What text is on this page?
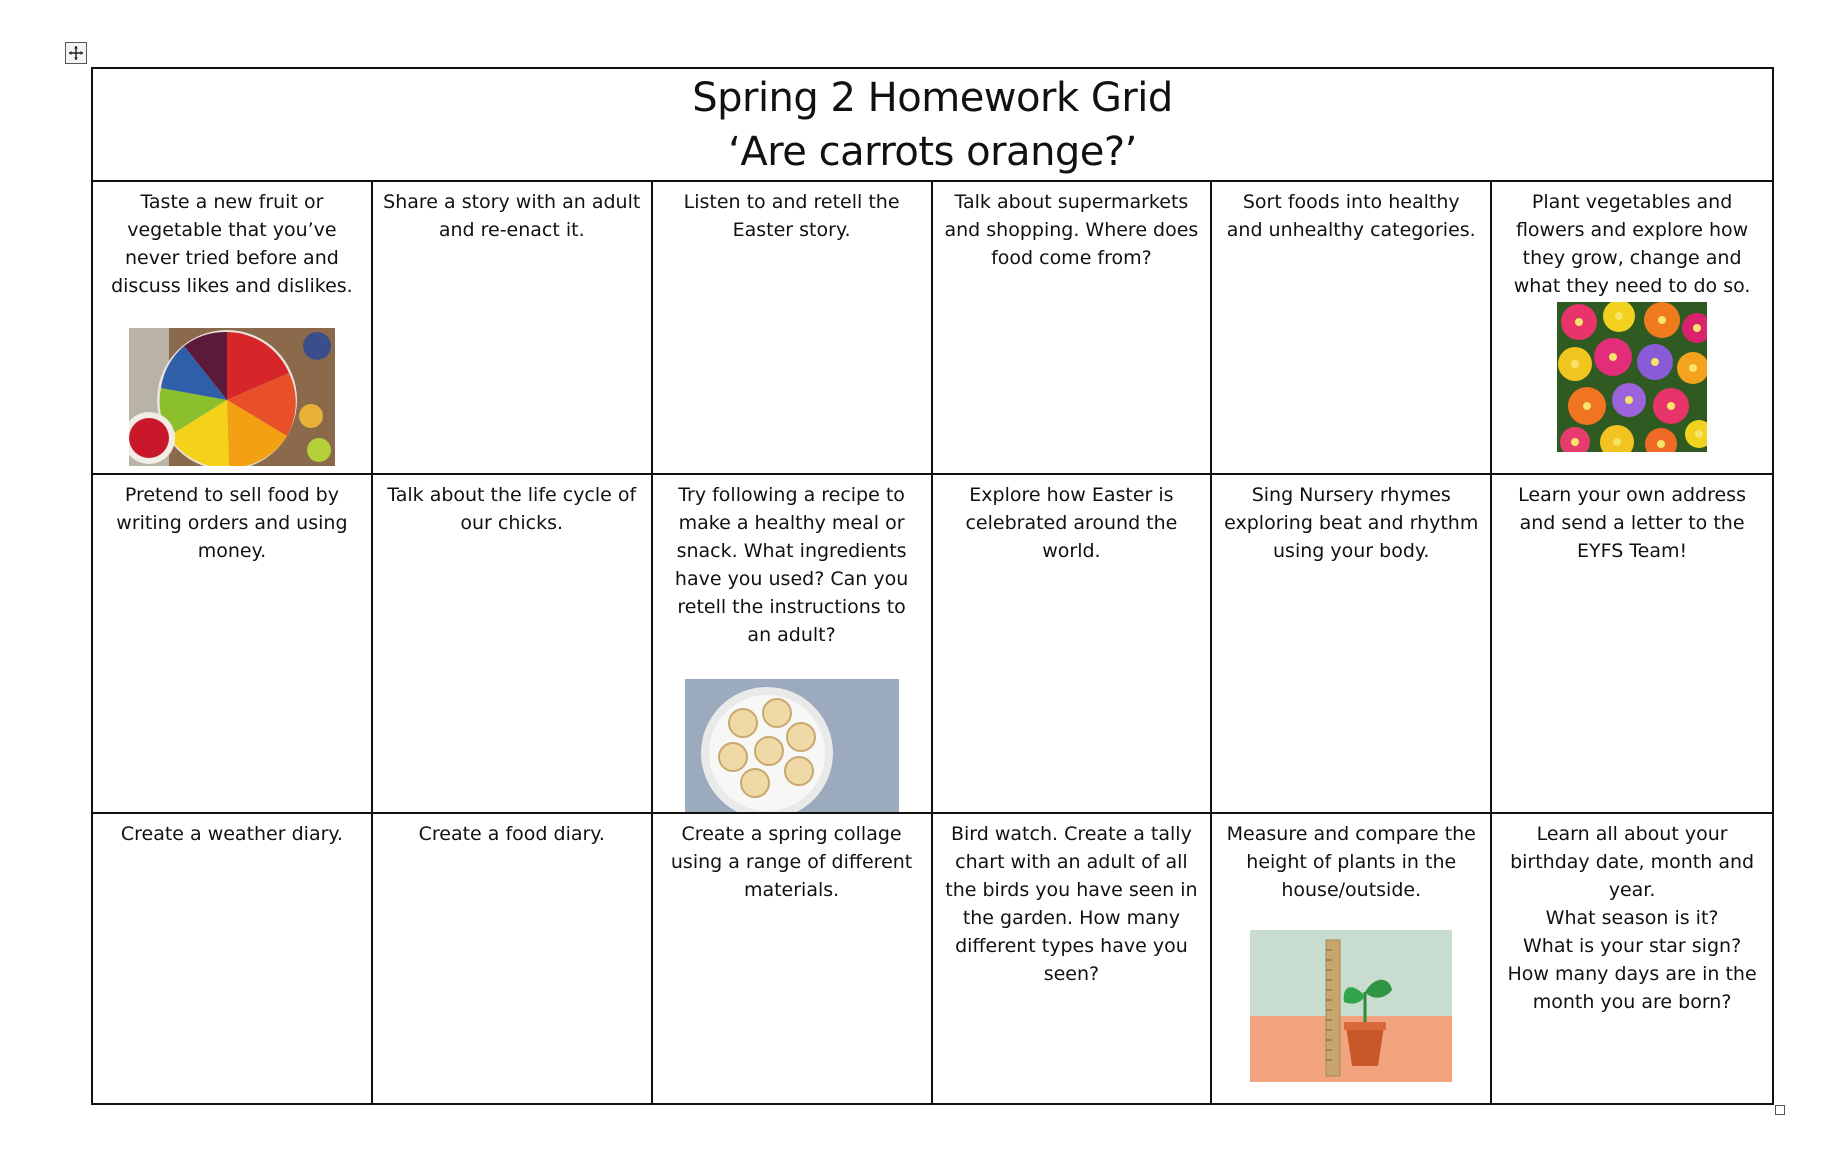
Spring 2 Homework Grid
‘Are carrots orange?’
Taste a new fruit or vegetable that you’ve never tried before and discuss likes and dislikes.
Share a story with an adult and re-enact it.
Listen to and retell the Easter story.
Talk about supermarkets and shopping. Where does food come from?
Sort foods into healthy and unhealthy categories.
Plant vegetables and flowers and explore how they grow, change and what they need to do so.
Pretend to sell food by writing orders and using money.
Talk about the life cycle of our chicks.
Try following a recipe to make a healthy meal or snack. What ingredients have you used? Can you retell the instructions to an adult?
Explore how Easter is celebrated around the world.
Sing Nursery rhymes exploring beat and rhythm using your body.
Learn your own address and send a letter to the EYFS Team!
Create a weather diary.	Create a food diary.	Create a spring collage using a range of different materials.
Bird watch. Create a tally chart with an adult of all the birds you have seen in the garden. How many different types have you seen?
Measure and compare the height of plants in the house/outside.
Learn all about your birthday date, month and year.
What season is it?
What is your star sign?
How many days are in the month you are born?
